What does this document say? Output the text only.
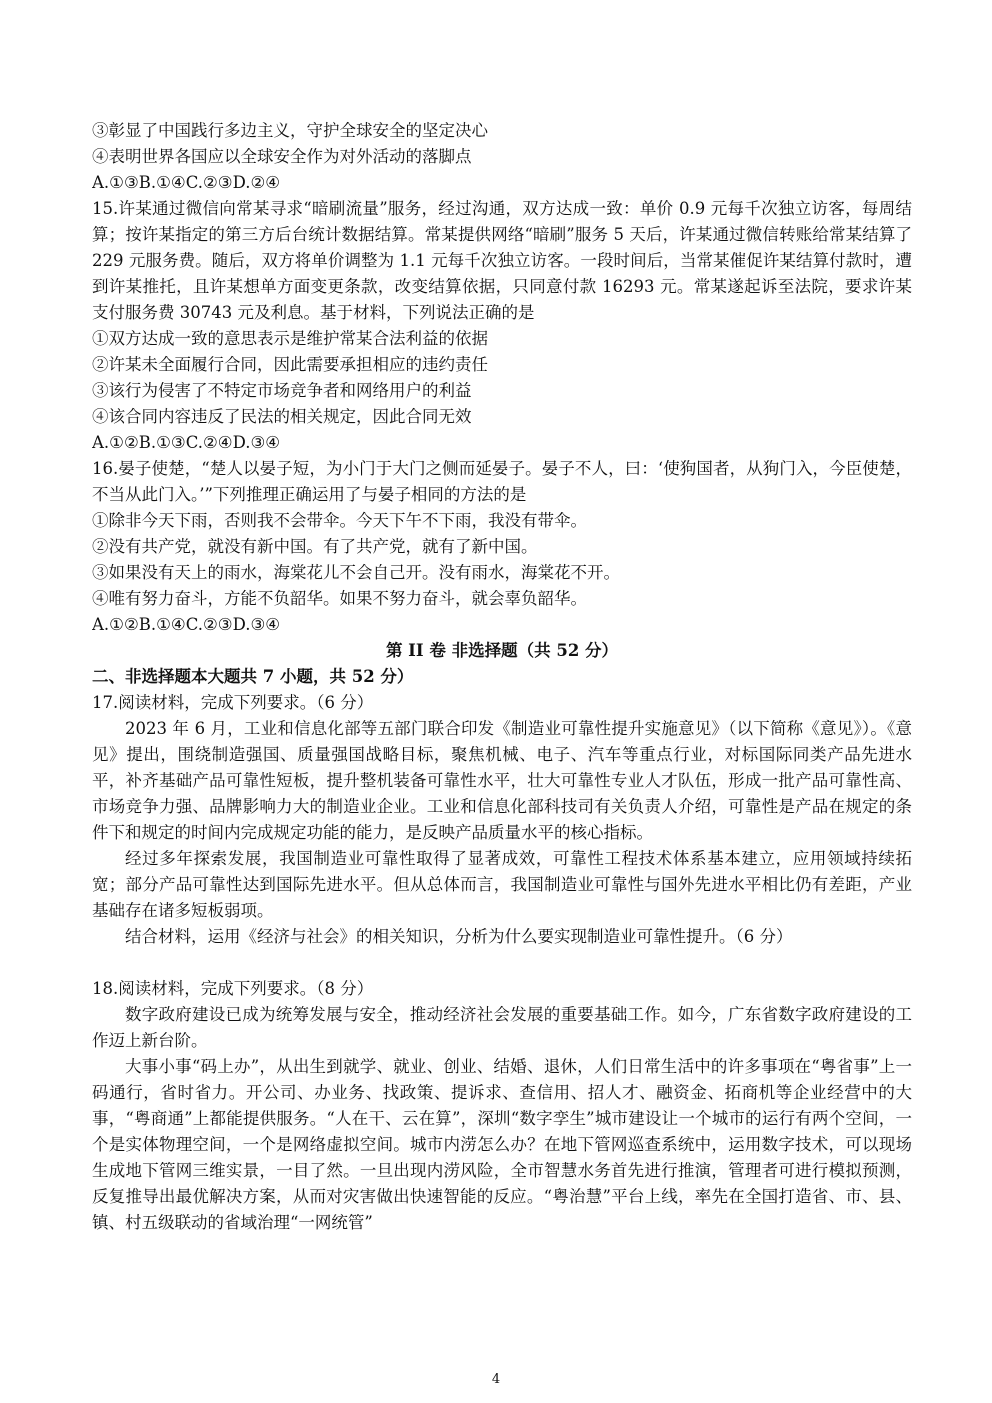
③彰显了中国践行多边主义，守护全球安全的坚定决心
④表明世界各国应以全球安全作为对外活动的落脚点
A.①③B.①④C.②③D.②④

15.许某通过微信向常某寻求“暗刷流量”服务，经过沟通，双方达成一致：单价 0.9 元每千次独立访客，每周结算；按许某指定的第三方后台统计数据结算。常某提供网络“暗刷”服务 5 天后，许某通过微信转账给常某结算了 229 元服务费。随后，双方将单价调整为 1.1 元每千次独立访客。一段时间后，当常某催促许某结算付款时，遭到许某推托，且许某想单方面变更条款，改变结算依据，只同意付款 16293 元。常某遂起诉至法院，要求许某支付服务费 30743 元及利息。基于材料，下列说法正确的是

①双方达成一致的意思表示是维护常某合法利益的依据
②许某未全面履行合同，因此需要承担相应的违约责任
③该行为侵害了不特定市场竞争者和网络用户的利益
④该合同内容违反了民法的相关规定，因此合同无效
A.①②B.①③C.②④D.③④

16.晏子使楚，“楚人以晏子短，为小门于大门之侧而延晏子。晏子不人，曰：‘使狗国者，从狗门入，今臣使楚，不当从此门入。’”下列推理正确运用了与晏子相同的方法的是

①除非今天下雨，否则我不会带伞。今天下午不下雨，我没有带伞。
②没有共产党，就没有新中国。有了共产党，就有了新中国。
③如果没有天上的雨水，海棠花儿不会自己开。没有雨水，海棠花不开。
④唯有努力奋斗，方能不负韶华。如果不努力奋斗，就会辜负韶华。
A.①②B.①④C.②③D.③④
第 II 卷 非选择题（共 52 分）
二、非选择题本大题共 7 小题，共 52 分）
17.阅读材料，完成下列要求。（6 分）

2023 年 6 月，工业和信息化部等五部门联合印发《制造业可靠性提升实施意见》（以下简称《意见》）。《意见》提出，围绕制造强国、质量强国战略目标，聚焦机械、电子、汽车等重点行业，对标国际同类产品先进水平，补齐基础产品可靠性短板，提升整机装备可靠性水平，壮大可靠性专业人才队伍，形成一批产品可靠性高、市场竞争力强、品牌影响力大的制造业企业。工业和信息化部科技司有关负责人介绍，可靠性是产品在规定的条件下和规定的时间内完成规定功能的能力，是反映产品质量水平的核心指标。

经过多年探索发展，我国制造业可靠性取得了显著成效，可靠性工程技术体系基本建立，应用领域持续拓宽；部分产品可靠性达到国际先进水平。但从总体而言，我国制造业可靠性与国外先进水平相比仍有差距，产业基础存在诸多短板弱项。

结合材料，运用《经济与社会》的相关知识，分析为什么要实现制造业可靠性提升。（6 分）

18.阅读材料，完成下列要求。（8 分）

数字政府建设已成为统筹发展与安全，推动经济社会发展的重要基础工作。如今，广东省数字政府建设的工作迈上新台阶。

大事小事“码上办”，从出生到就学、就业、创业、结婚、退休，人们日常生活中的许多事项在“粤省事”上一码通行，省时省力。开公司、办业务、找政策、提诉求、查信用、招人才、融资金、拓商机等企业经营中的大事，“粤商通”上都能提供服务。“人在干、云在算”，深圳“数字孪生”城市建设让一个城市的运行有两个空间，一个是实体物理空间，一个是网络虚拟空间。城市内涝怎么办？在地下管网巡查系统中，运用数字技术，可以现场生成地下管网三维实景，一目了然。一旦出现内涝风险，全市智慧水务首先进行推演，管理者可进行模拟预测，反复推导出最优解决方案，从而对灾害做出快速智能的反应。“粤治慧”平台上线，率先在全国打造省、市、县、镇、村五级联动的省域治理“一网统管”

4
